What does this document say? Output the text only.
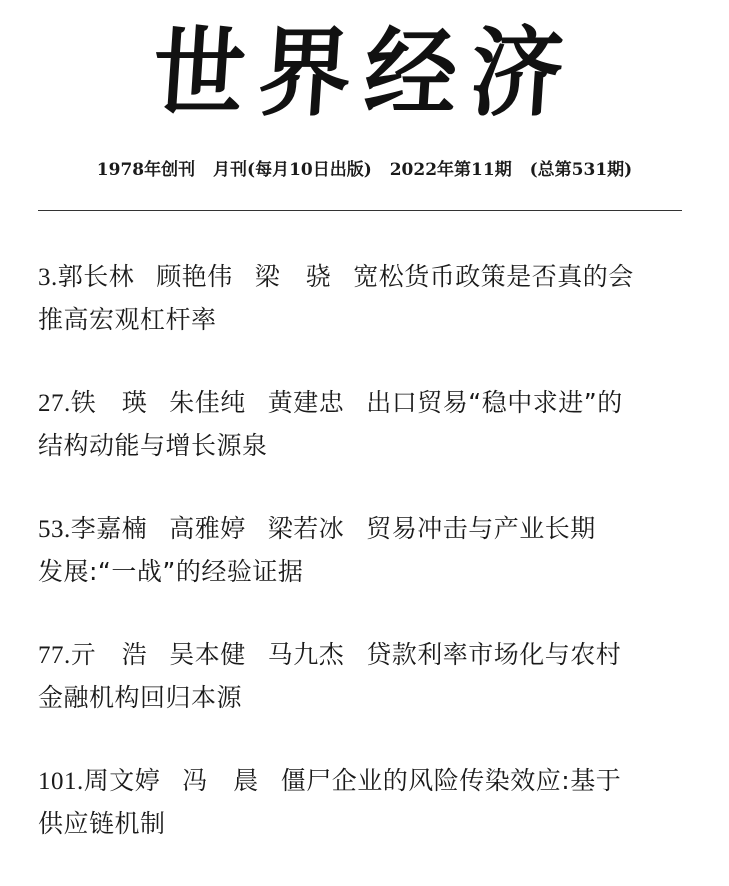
世界经济
1978年创刊 月刊(每月10日出版) 2022年第11期 (总第531期)
3.郭长林 顾艳伟 梁　骁 宽松货币政策是否真的会
推高宏观杠杆率
27.铁　瑛 朱佳纯 黄建忠 出口贸易“稳中求进”的
结构动能与增长源泉
53.李嘉楠 高雅婷 梁若冰 贸易冲击与产业长期
发展:“一战”的经验证据
77.亓　浩 吴本健 马九杰 贷款利率市场化与农村
金融机构回归本源
101.周文婷 冯　晨 僵尸企业的风险传染效应:基于
供应链机制
